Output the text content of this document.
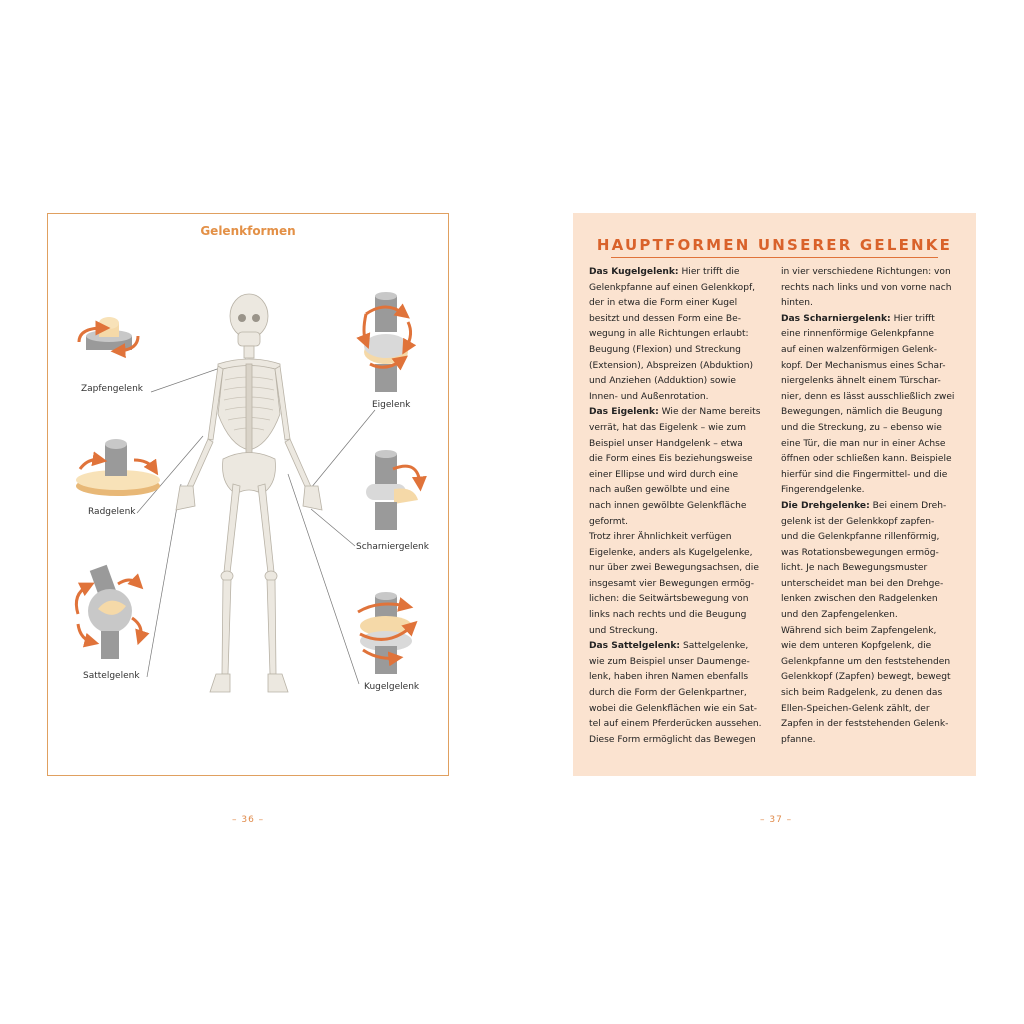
Gelenkformen
Zapfengelenk
Radgelenk
Sattelgelenk
Eigelenk
Scharniergelenk
Kugelgelenk
– 36 –
HAUPTFORMEN UNSERER GELENKE

Das Kugelgelenk: Hier trifft die

Gelenkpfanne auf einen Gelenkkopf,

der in etwa die Form einer Kugel

besitzt und dessen Form eine Be-

wegung in alle Richtungen erlaubt:

Beugung (Flexion) und Streckung

(Extension), Abspreizen (Abduktion)

und Anziehen (Adduktion) sowie

Innen- und Außenrotation.

Das Eigelenk: Wie der Name bereits

verrät, hat das Eigelenk – wie zum

Beispiel unser Handgelenk – etwa

die Form eines Eis beziehungsweise

einer Ellipse und wird durch eine

nach außen gewölbte und eine

nach innen gewölbte Gelenkfläche

geformt.

Trotz ihrer Ähnlichkeit verfügen

Eigelenke, anders als Kugelgelenke,

nur über zwei Bewegungsachsen, die

insgesamt vier Bewegungen ermög-

lichen: die Seitwärtsbewegung von

links nach rechts und die Beugung

und Streckung.

Das Sattelgelenk: Sattelgelenke,

wie zum Beispiel unser Daumenge-

lenk, haben ihren Namen ebenfalls

durch die Form der Gelenkpartner,

wobei die Gelenkflächen wie ein Sat-

tel auf einem Pferderücken aussehen.

Diese Form ermöglicht das Bewegen

in vier verschiedene Richtungen: von

rechts nach links und von vorne nach

hinten.

Das Scharniergelenk: Hier trifft

eine rinnenförmige Gelenkpfanne

auf einen walzenförmigen Gelenk-

kopf. Der Mechanismus eines Schar-

niergelenks ähnelt einem Türschar-

nier, denn es lässt ausschließlich zwei

Bewegungen, nämlich die Beugung

und die Streckung, zu – ebenso wie

eine Tür, die man nur in einer Achse

öffnen oder schließen kann. Beispiele

hierfür sind die Fingermittel- und die

Fingerendgelenke.

Die Drehgelenke: Bei einem Dreh-

gelenk ist der Gelenkkopf zapfen-

und die Gelenkpfanne rillenförmig,

was Rotationsbewegungen ermög-

licht. Je nach Bewegungsmuster

unterscheidet man bei den Drehge-

lenken zwischen den Radgelenken

und den Zapfengelenken.

Während sich beim Zapfengelenk,

wie dem unteren Kopfgelenk, die

Gelenkpfanne um den feststehenden

Gelenkkopf (Zapfen) bewegt, bewegt

sich beim Radgelenk, zu denen das

Ellen-Speichen-Gelenk zählt, der

Zapfen in der feststehenden Gelenk-

pfanne.

– 37 –
